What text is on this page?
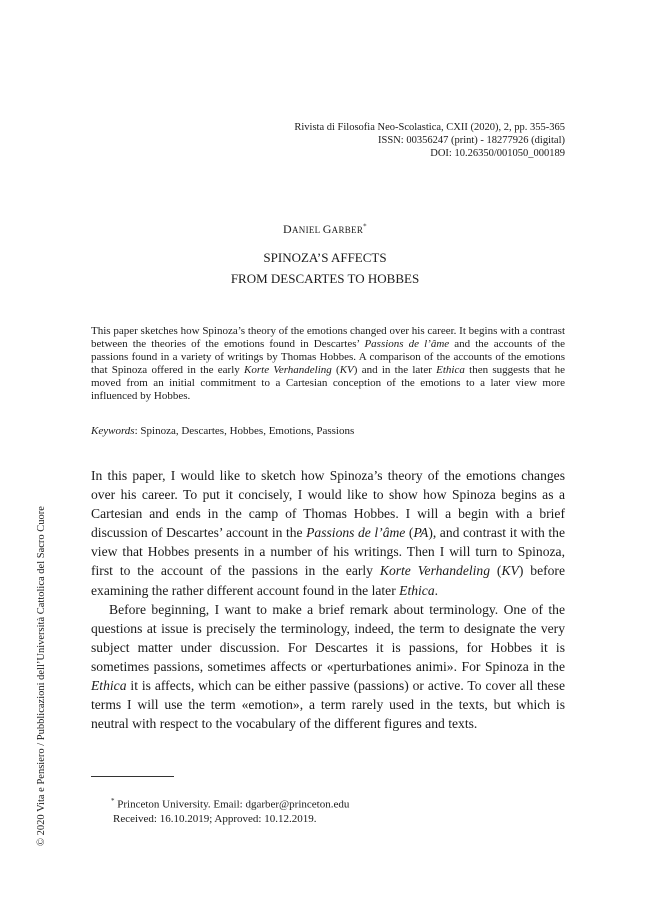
Rivista di Filosofia Neo-Scolastica, CXII (2020), 2, pp. 355-365
ISSN: 00356247 (print) - 18277926 (digital)
DOI: 10.26350/001050_000189
DANIEL GARBER*
SPINOZA’S AFFECTS
FROM DESCARTES TO HOBBES

This paper sketches how Spinoza’s theory of the emotions changed over his career. It begins with a contrast between the theories of the emotions found in Descartes’ Passions de l’âme and the accounts of the passions found in a variety of writings by Thomas Hobbes. A comparison of the accounts of the emotions that Spinoza offered in the early Korte Verhandeling (KV) and in the later Ethica then suggests that he moved from an initial commitment to a Cartesian conception of the emotions to a later view more influenced by Hobbes.

Keywords: Spinoza, Descartes, Hobbes, Emotions, Passions

In this paper, I would like to sketch how Spinoza’s theory of the emotions changes over his career. To put it concisely, I would like to show how Spinoza begins as a Cartesian and ends in the camp of Thomas Hobbes. I will a begin with a brief discussion of Descartes’ account in the Passions de l’âme (PA), and contrast it with the view that Hobbes presents in a number of his writings. Then I will turn to Spinoza, first to the account of the passions in the early Korte Verhandeling (KV) before examining the rather different account found in the later Ethica.

Before beginning, I want to make a brief remark about terminology. One of the questions at issue is precisely the terminology, indeed, the term to designate the very subject matter under discussion. For Descartes it is passions, for Hobbes it is sometimes passions, sometimes affects or «perturbationes animi». For Spinoza in the Ethica it is affects, which can be either passive (passions) or active. To cover all these terms I will use the term «emotion», a term rarely used in the texts, but which is neutral with respect to the vocabulary of the different figures and texts.

* Princeton University. Email: dgarber@princeton.edu
Received: 16.10.2019; Approved: 10.12.2019.
© 2020 Vita e Pensiero / Pubblicazioni dell’Università Cattolica del Sacro Cuore
